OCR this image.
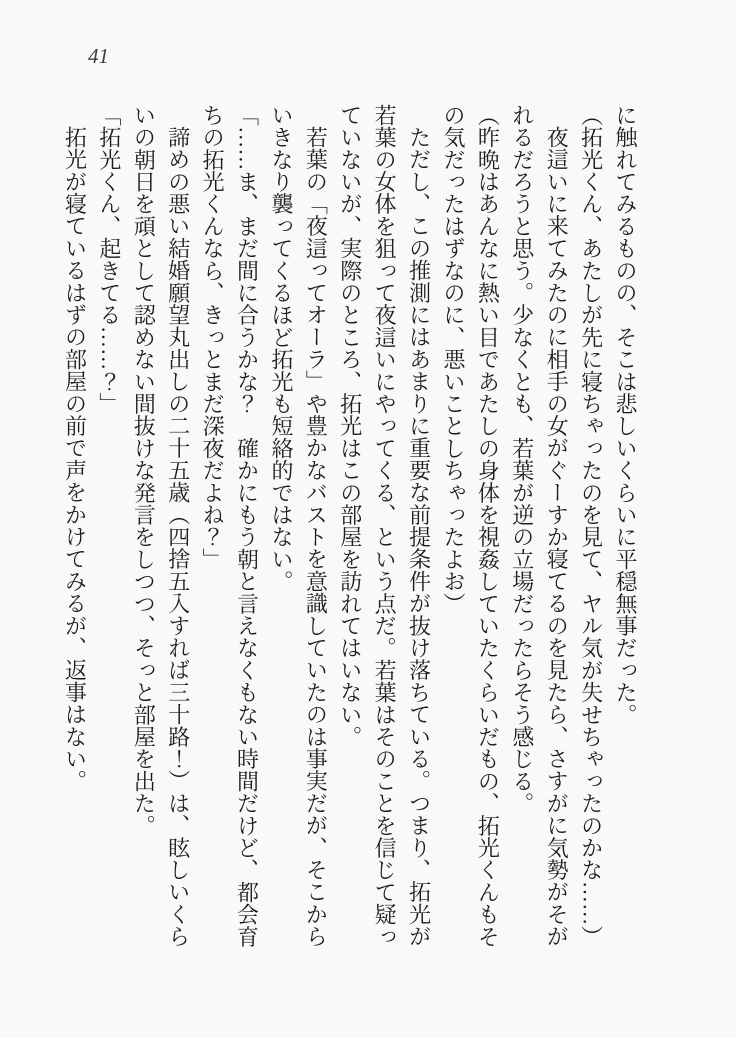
41
に触れてみるものの、そこは悲しいくらいに平穏無事だった。
（拓光くん、あたしが先に寝ちゃったのを見て、ヤル気が失せちゃったのかな……）
夜這いに来てみたのに相手の女がぐーすか寝てるのを見たら、さすがに気勢がそが
れるだろうと思う。少なくとも、若葉が逆の立場だったらそう感じる。
（昨晩はあんなに熱い目であたしの身体を視姦していたくらいだもの、拓光くんもそ
の気だったはずなのに、悪いことしちゃったよお）
ただし、この推測にはあまりに重要な前提条件が抜け落ちている。つまり、拓光が
若葉の女体を狙って夜這いにやってくる、という点だ。若葉はそのことを信じて疑っ
ていないが、実際のところ、拓光はこの部屋を訪れてはいない。
若葉の「夜這ってオーラ」や豊かなバストを意識していたのは事実だが、そこから
いきなり襲ってくるほど拓光も短絡的ではない。
「……ま、まだ間に合うかな？　確かにもう朝と言えなくもない時間だけど、都会育
ちの拓光くんなら、きっとまだ深夜だよね？」
諦めの悪い結婚願望丸出しの二十五歳（四捨五入すれば三十路！）は、眩しいくら
いの朝日を頑として認めない間抜けな発言をしつつ、そっと部屋を出た。
「拓光くん、起きてる……？」
拓光が寝ているはずの部屋の前で声をかけてみるが、返事はない。
